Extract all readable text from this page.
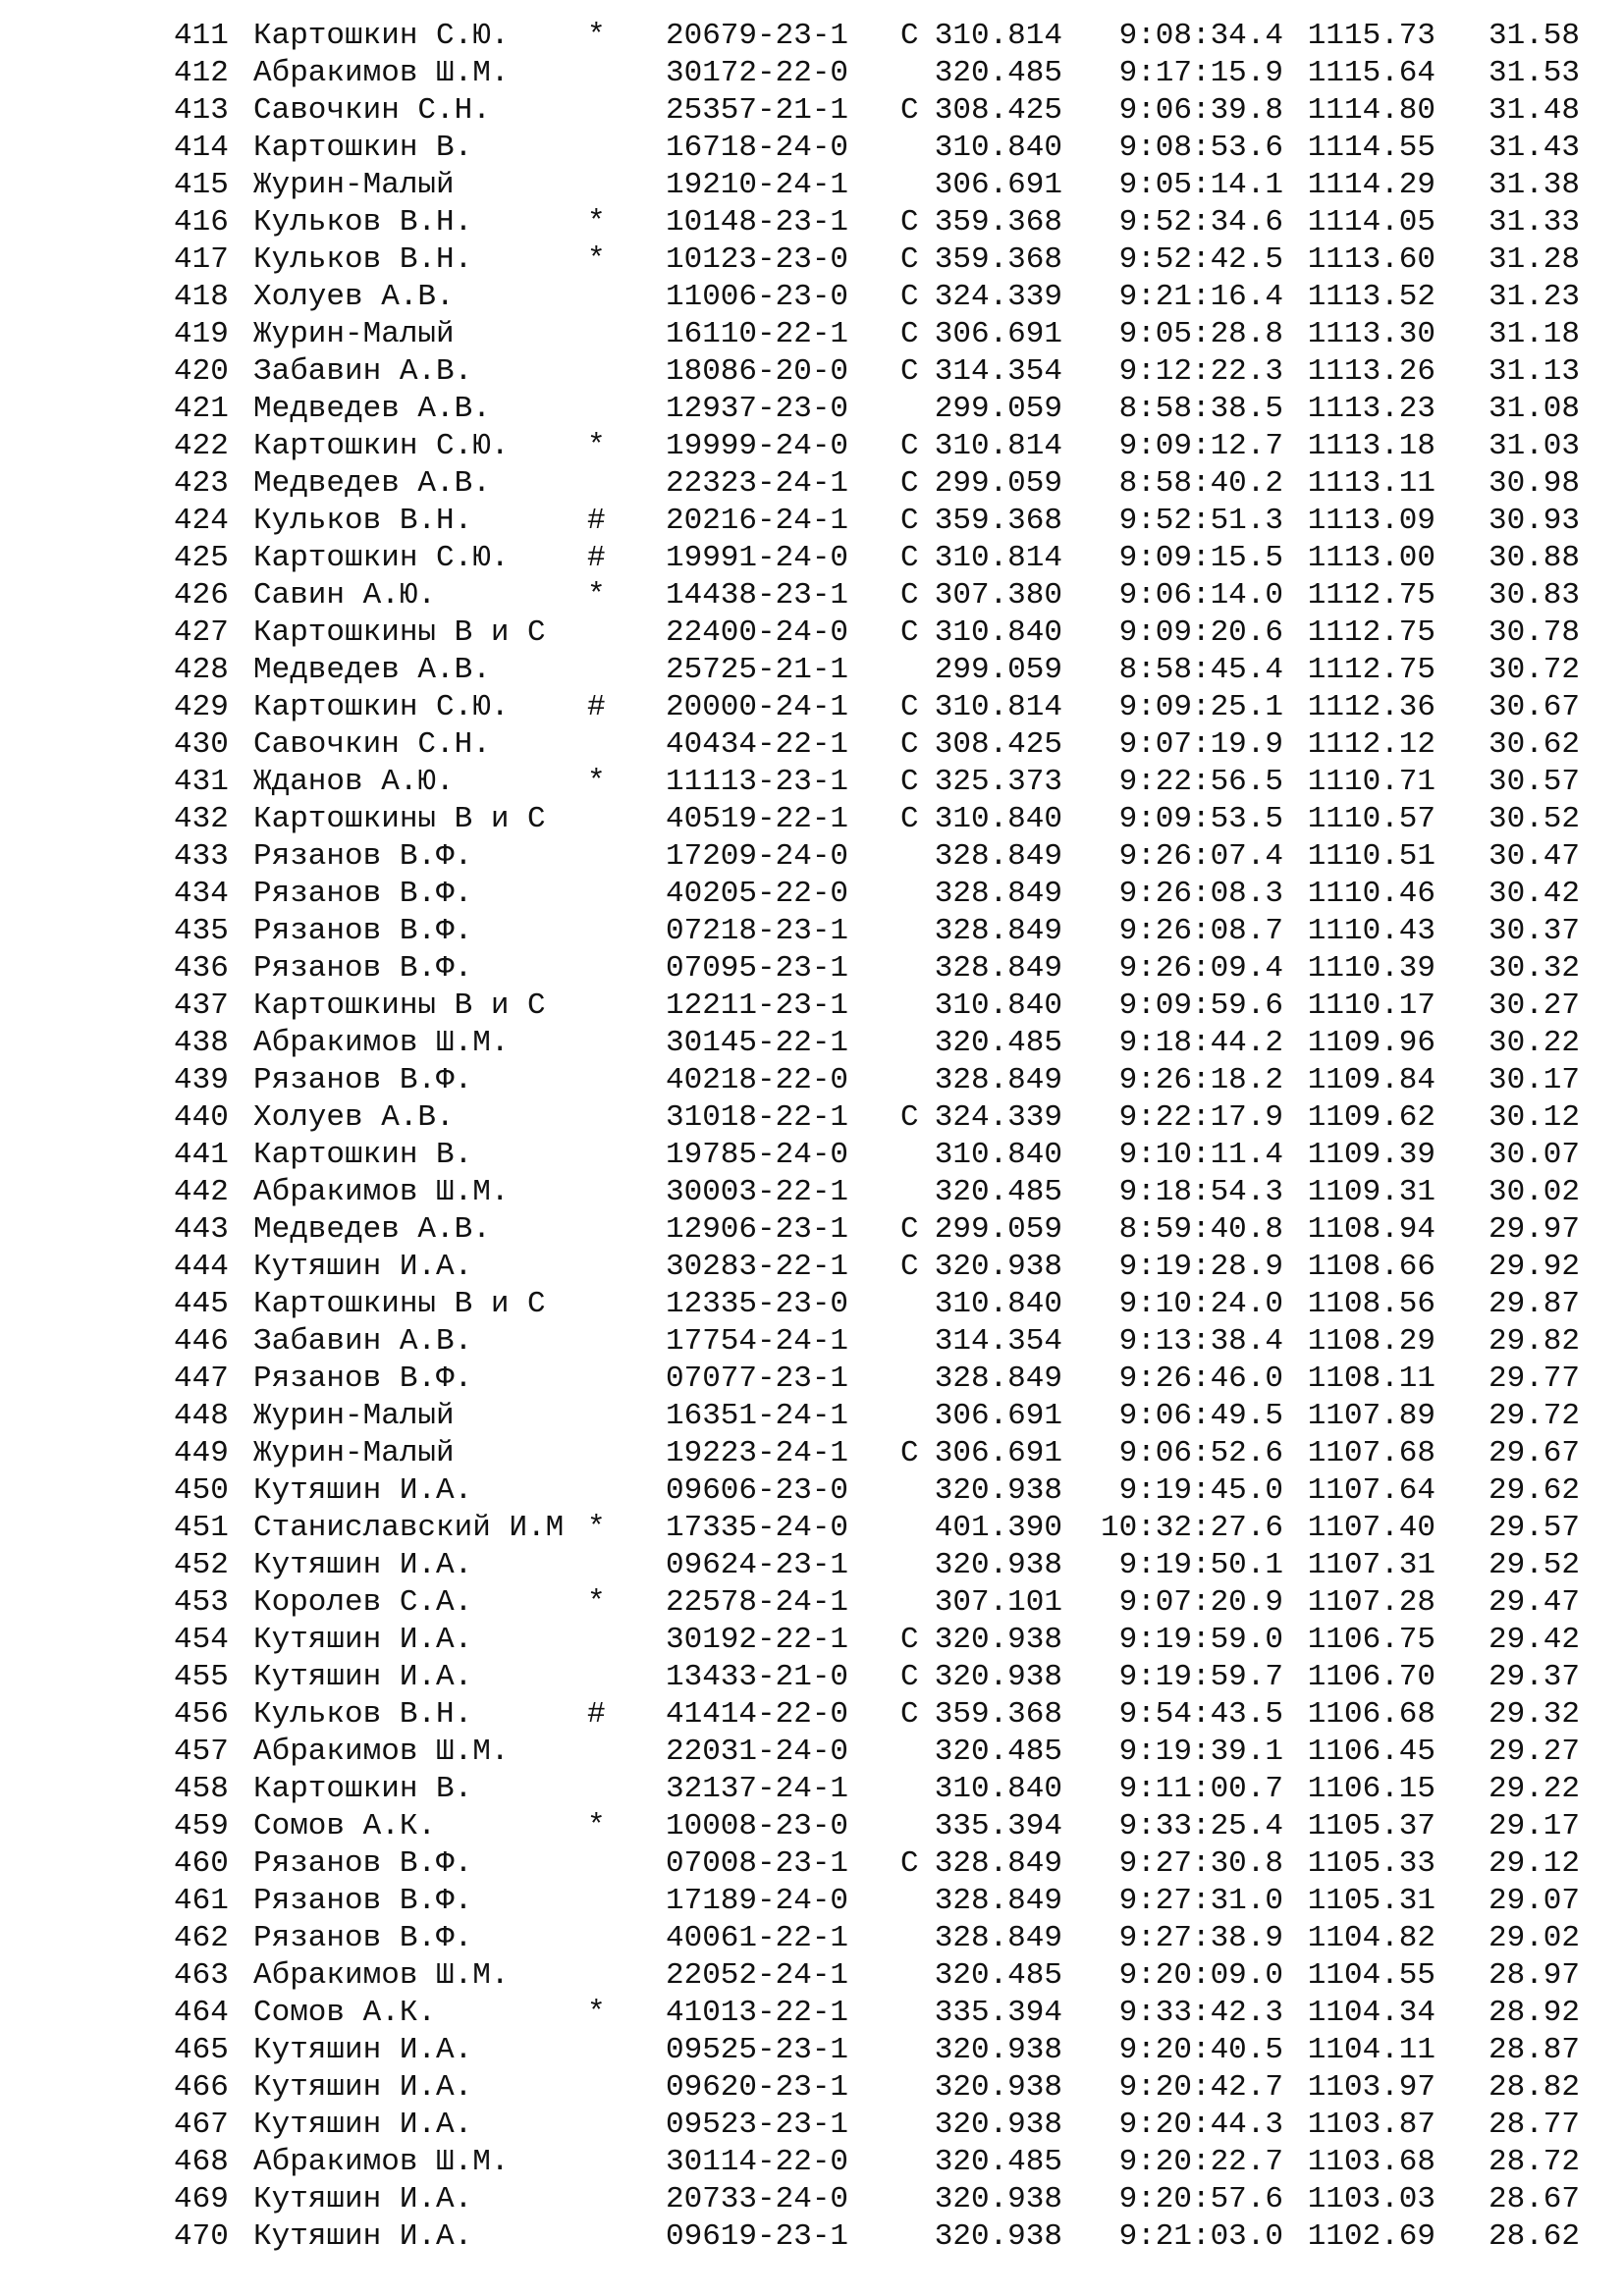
411 Картошкин С.Ю.	* 20679-23-1 С 310.814 9:08:34.4 1115.73 31.58
412 Абракимов Ш.М.	30172-22-0	320.485 9:17:15.9 1115.64 31.53
413 Савочкин С.Н.	25357-21-1 С 308.425 9:06:39.8 1114.80 31.48
414 Картошкин В.	16718-24-0	310.840 9:08:53.6 1114.55 31.43
415 Журин-Малый	19210-24-1	306.691 9:05:14.1 1114.29 31.38
416 Кульков В.Н.	* 10148-23-1 С 359.368 9:52:34.6 1114.05 31.33
417 Кульков В.Н.	* 10123-23-0 С 359.368 9:52:42.5 1113.60 31.28
418 Холуев А.В.	11006-23-0 С 324.339 9:21:16.4 1113.52 31.23
419 Журин-Малый	16110-22-1 С 306.691 9:05:28.8 1113.30 31.18
420 Забавин А.В.	18086-20-0 С 314.354 9:12:22.3 1113.26 31.13
421 Медведев А.В.	12937-23-0	299.059 8:58:38.5 1113.23 31.08
422 Картошкин С.Ю.	* 19999-24-0 С 310.814 9:09:12.7 1113.18 31.03
423 Медведев А.В.	22323-24-1 С 299.059 8:58:40.2 1113.11 30.98
424 Кульков В.Н.	# 20216-24-1 С 359.368 9:52:51.3 1113.09 30.93
425 Картошкин С.Ю.	# 19991-24-0 С 310.814 9:09:15.5 1113.00 30.88
426 Савин А.Ю.	* 14438-23-1 С 307.380 9:06:14.0 1112.75 30.83
427 Картошкины В и С	22400-24-0 С 310.840 9:09:20.6 1112.75 30.78
428 Медведев А.В.	25725-21-1	299.059 8:58:45.4 1112.75 30.72
429 Картошкин С.Ю.	# 20000-24-1 С 310.814 9:09:25.1 1112.36 30.67
430 Савочкин С.Н.	40434-22-1 С 308.425 9:07:19.9 1112.12 30.62
431 Жданов А.Ю.	* 11113-23-1 С 325.373 9:22:56.5 1110.71 30.57
432 Картошкины В и С	40519-22-1 С 310.840 9:09:53.5 1110.57 30.52
433 Рязанов В.Ф.	17209-24-0	328.849 9:26:07.4 1110.51 30.47
434 Рязанов В.Ф.	40205-22-0	328.849 9:26:08.3 1110.46 30.42
435 Рязанов В.Ф.	07218-23-1	328.849 9:26:08.7 1110.43 30.37
436 Рязанов В.Ф.	07095-23-1	328.849 9:26:09.4 1110.39 30.32
437 Картошкины В и С	12211-23-1	310.840 9:09:59.6 1110.17 30.27
438 Абракимов Ш.М.	30145-22-1	320.485 9:18:44.2 1109.96 30.22
439 Рязанов В.Ф.	40218-22-0	328.849 9:26:18.2 1109.84 30.17
440 Холуев А.В.	31018-22-1 С 324.339 9:22:17.9 1109.62 30.12
441 Картошкин В.	19785-24-0	310.840 9:10:11.4 1109.39 30.07
442 Абракимов Ш.М.	30003-22-1	320.485 9:18:54.3 1109.31 30.02
443 Медведев А.В.	12906-23-1 С 299.059 8:59:40.8 1108.94 29.97
444 Кутяшин И.А.	30283-22-1 С 320.938 9:19:28.9 1108.66 29.92
445 Картошкины В и С	12335-23-0	310.840 9:10:24.0 1108.56 29.87
446 Забавин А.В.	17754-24-1	314.354 9:13:38.4 1108.29 29.82
447 Рязанов В.Ф.	07077-23-1	328.849 9:26:46.0 1108.11 29.77
448 Журин-Малый	16351-24-1	306.691 9:06:49.5 1107.89 29.72
449 Журин-Малый	19223-24-1 С 306.691 9:06:52.6 1107.68 29.67
450 Кутяшин И.А.	09606-23-0	320.938 9:19:45.0 1107.64 29.62
451 Станиславский И.М * 17335-24-0	401.390 10:32:27.6 1107.40 29.57
452 Кутяшин И.А.	09624-23-1	320.938 9:19:50.1 1107.31 29.52
453 Королев С.А.	* 22578-24-1	307.101 9:07:20.9 1107.28 29.47
454 Кутяшин И.А.	30192-22-1 С 320.938 9:19:59.0 1106.75 29.42
455 Кутяшин И.А.	13433-21-0 С 320.938 9:19:59.7 1106.70 29.37
456 Кульков В.Н.	# 41414-22-0 С 359.368 9:54:43.5 1106.68 29.32
457 Абракимов Ш.М.	22031-24-0	320.485 9:19:39.1 1106.45 29.27
458 Картошкин В.	32137-24-1	310.840 9:11:00.7 1106.15 29.22
459 Сомов А.К.	* 10008-23-0	335.394 9:33:25.4 1105.37 29.17
460 Рязанов В.Ф.	07008-23-1 С 328.849 9:27:30.8 1105.33 29.12
461 Рязанов В.Ф.	17189-24-0	328.849 9:27:31.0 1105.31 29.07
462 Рязанов В.Ф.	40061-22-1	328.849 9:27:38.9 1104.82 29.02
463 Абракимов Ш.М.	22052-24-1	320.485 9:20:09.0 1104.55 28.97
464 Сомов А.К.	* 41013-22-1	335.394 9:33:42.3 1104.34 28.92
465 Кутяшин И.А.	09525-23-1	320.938 9:20:40.5 1104.11 28.87
466 Кутяшин И.А.	09620-23-1	320.938 9:20:42.7 1103.97 28.82
467 Кутяшин И.А.	09523-23-1	320.938 9:20:44.3 1103.87 28.77
468 Абракимов Ш.М.	30114-22-0	320.485 9:20:22.7 1103.68 28.72
469 Кутяшин И.А.	20733-24-0	320.938 9:20:57.6 1103.03 28.67
470 Кутяшин И.А.	09619-23-1	320.938 9:21:03.0 1102.69 28.62
